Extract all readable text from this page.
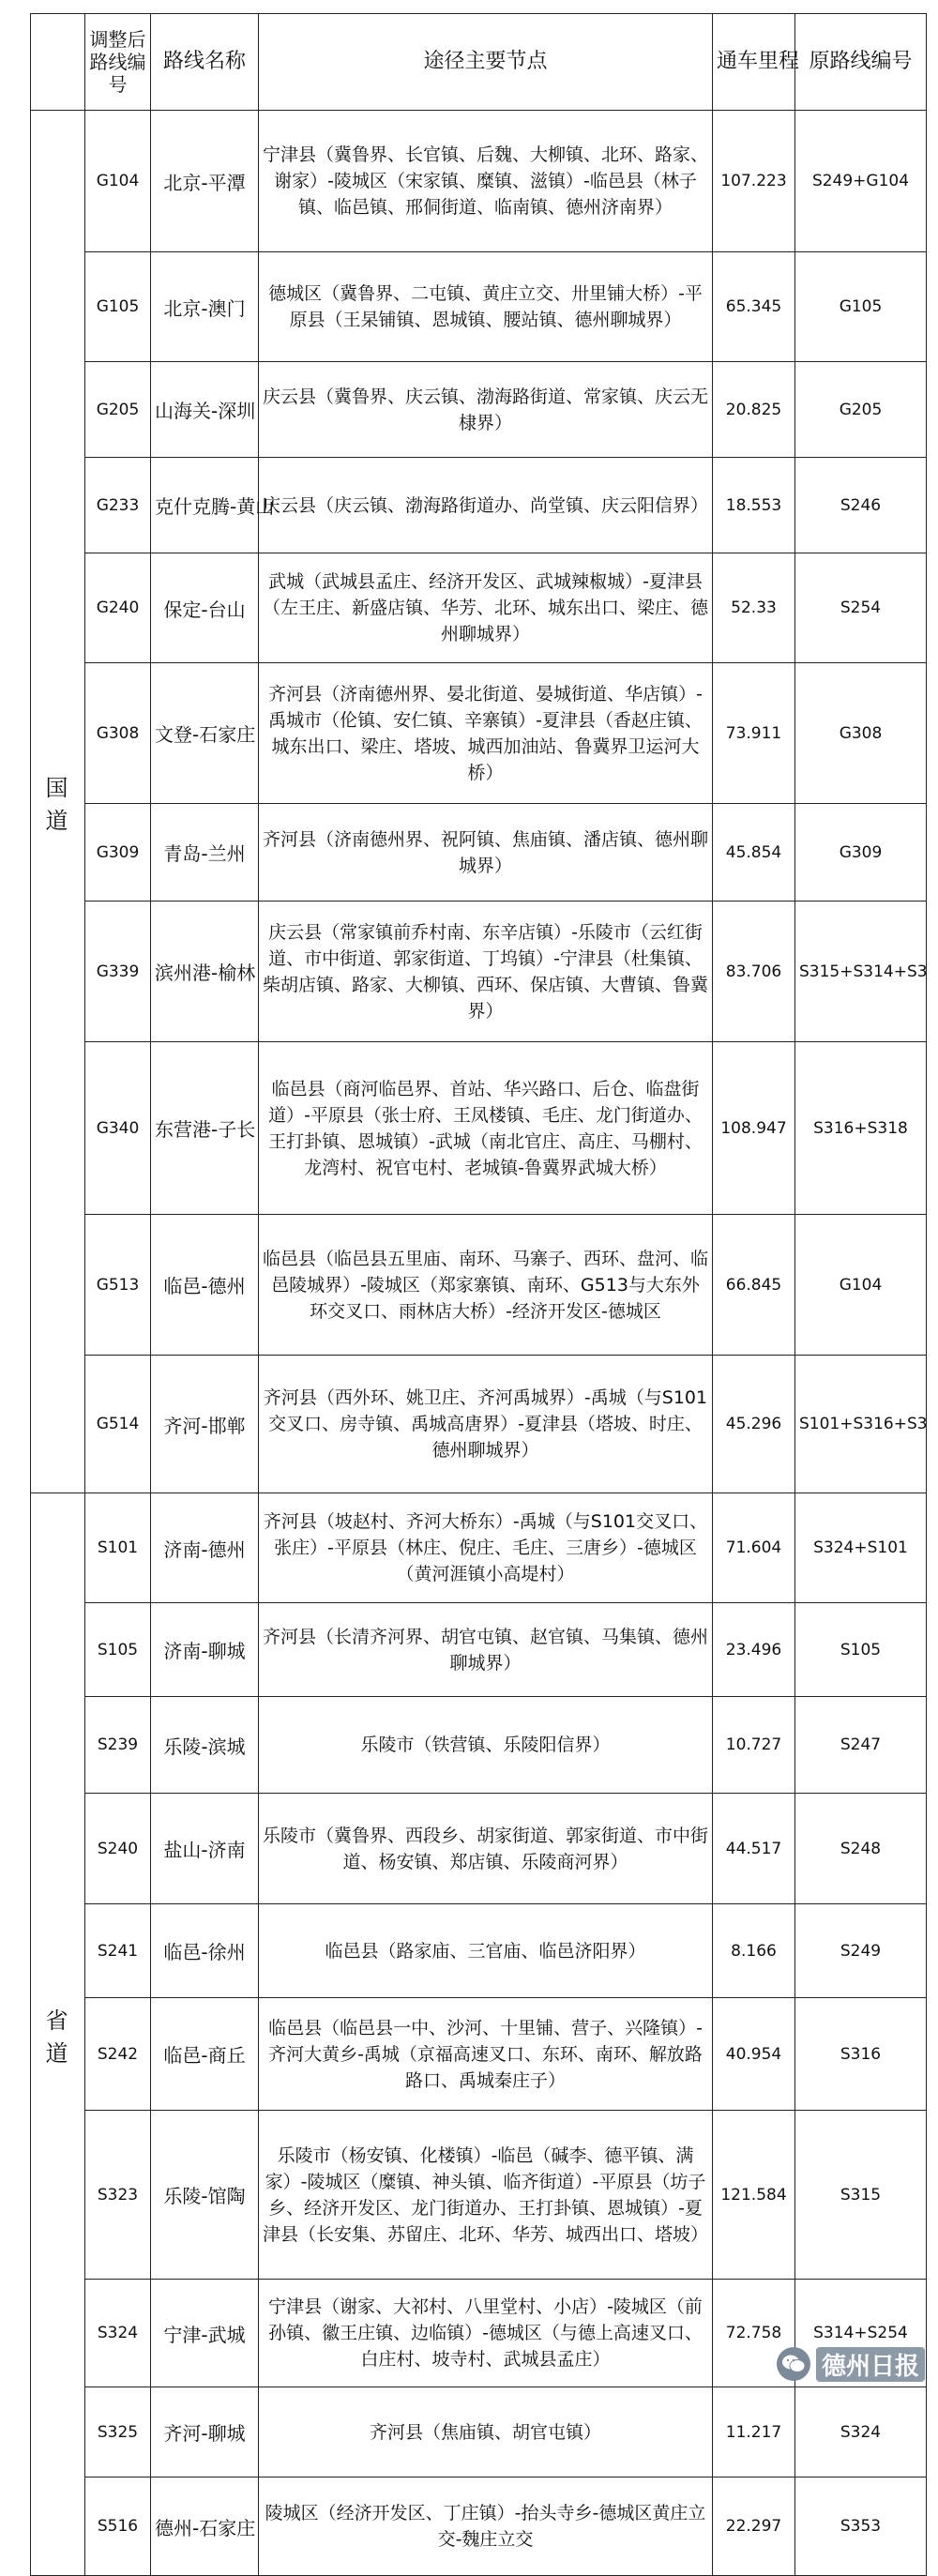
	调整后路线编号	路线名称	途径主要节点	通车里程	原路线编号
国
道	G104	北京-平潭	宁津县（冀鲁界、长官镇、后魏、大柳镇、北环、路家、谢家）-陵城区（宋家镇、糜镇、滋镇）-临邑县（林子镇、临邑镇、邢侗街道、临南镇、德州济南界）	107.223	S249+G104
	G105	北京-澳门	德城区（冀鲁界、二屯镇、黄庄立交、卅里铺大桥）-平原县（王杲铺镇、恩城镇、腰站镇、德州聊城界）	65.345	G105
	G205	山海关-深圳	庆云县（冀鲁界、庆云镇、渤海路街道、常家镇、庆云无棣界）	20.825	G205
	G233	克什克腾-黄山	庆云县（庆云镇、渤海路街道办、尚堂镇、庆云阳信界）	18.553	S246
	G240	保定-台山	武城（武城县孟庄、经济开发区、武城辣椒城）-夏津县（左王庄、新盛店镇、华芳、北环、城东出口、梁庄、德州聊城界）	52.33	S254
	G308	文登-石家庄	齐河县（济南德州界、晏北街道、晏城街道、华店镇）-禹城市（伦镇、安仁镇、辛寨镇）-夏津县（香赵庄镇、城东出口、梁庄、塔坡、城西加油站、鲁冀界卫运河大桥）	73.911	G308
	G309	青岛-兰州	齐河县（济南德州界、祝阿镇、焦庙镇、潘店镇、德州聊城界）	45.854	G309
	G339	滨州港-榆林	庆云县（常家镇前乔村南、东辛店镇）-乐陵市（云红街道、市中街道、郭家街道、丁坞镇）-宁津县（杜集镇、柴胡店镇、路家、大柳镇、西环、保店镇、大曹镇、鲁冀界）	83.706	S315+S314+S3
	G340	东营港-子长	临邑县（商河临邑界、首站、华兴路口、后仓、临盘街道）-平原县（张士府、王凤楼镇、毛庄、龙门街道办、王打卦镇、恩城镇）-武城（南北官庄、高庄、马棚村、龙湾村、祝官屯村、老城镇-鲁冀界武城大桥）	108.947	S316+S318
	G513	临邑-德州	临邑县（临邑县五里庙、南环、马寨子、西环、盘河、临邑陵城界）-陵城区（郑家寨镇、南环、G513与大东外环交叉口、雨林店大桥）-经济开发区-德城区	66.845	G104
	G514	齐河-邯郸	齐河县（西外环、姚卫庄、齐河禹城界）-禹城（与S101交叉口、房寺镇、禹城高唐界）-夏津县（塔坡、时庄、德州聊城界）	45.296	S101+S316+S3
省
道	S101	济南-德州	齐河县（坡赵村、齐河大桥东）-禹城（与S101交叉口、张庄）-平原县（林庄、倪庄、毛庄、三唐乡）-德城区（黄河涯镇小高堤村）	71.604	S324+S101
	S105	济南-聊城	齐河县（长清齐河界、胡官屯镇、赵官镇、马集镇、德州聊城界）	23.496	S105
	S239	乐陵-滨城	乐陵市（铁营镇、乐陵阳信界）	10.727	S247
	S240	盐山-济南	乐陵市（冀鲁界、西段乡、胡家街道、郭家街道、市中街道、杨安镇、郑店镇、乐陵商河界）	44.517	S248
	S241	临邑-徐州	临邑县（路家庙、三官庙、临邑济阳界）	8.166	S249
	S242	临邑-商丘	临邑县（临邑县一中、沙河、十里铺、营子、兴隆镇）-齐河大黄乡-禹城（京福高速叉口、东环、南环、解放路路口、禹城秦庄子）	40.954	S316
	S323	乐陵-馆陶	乐陵市（杨安镇、化楼镇）-临邑（碱李、德平镇、满家）-陵城区（糜镇、神头镇、临齐街道）-平原县（坊子乡、经济开发区、龙门街道办、王打卦镇、恩城镇）-夏津县（长安集、苏留庄、北环、华芳、城西出口、塔坡）	121.584	S315
	S324	宁津-武城	宁津县（谢家、大祁村、八里堂村、小店）-陵城区（前孙镇、徽王庄镇、边临镇）-德城区（与德上高速叉口、白庄村、坡寺村、武城县孟庄）	72.758	S314+S254
	S325	齐河-聊城	齐河县（焦庙镇、胡官屯镇）	11.217	S324
	S516	德州-石家庄	陵城区（经济开发区、丁庄镇）-抬头寺乡-德城区黄庄立交-魏庄立交	22.297	S353
德州日报
